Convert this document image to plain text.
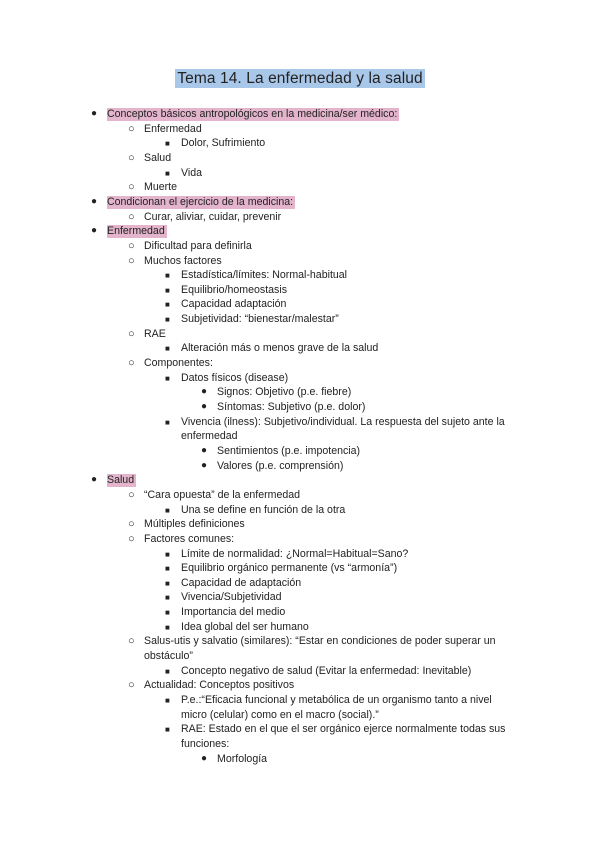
Tema 14. La enfermedad y la salud
● Conceptos básicos antropológicos en la medicina/ser médico:
○ Enfermedad
■ Dolor, Sufrimiento
○ Salud
■ Vida
○ Muerte
● Condicionan el ejercicio de la medicina:
○ Curar, aliviar, cuidar, prevenir
● Enfermedad
○ Dificultad para definirla
○ Muchos factores
■ Estadística/límites: Normal-habitual
■ Equilibrio/homeostasis
■ Capacidad adaptación
■ Subjetividad: “bienestar/malestar”
○ RAE
■ Alteración más o menos grave de la salud
○ Componentes:
■ Datos físicos (disease)
● Signos: Objetivo (p.e. fiebre)
● Síntomas: Subjetivo (p.e. dolor)
■ Vivencia (ilness): Subjetivo/individual. La respuesta del sujeto ante la
enfermedad
● Sentimientos (p.e. impotencia)
● Valores (p.e. comprensión)
● Salud
○ “Cara opuesta” de la enfermedad
■ Una se define en función de la otra
○ Múltiples definiciones
○ Factores comunes:
■ Límite de normalidad: ¿Normal=Habitual=Sano?
■ Equilibrio orgánico permanente (vs “armonía”)
■ Capacidad de adaptación
■ Vivencia/Subjetividad
■ Importancia del medio
■ Idea global del ser humano
○ Salus-utis y salvatio (similares): “Estar en condiciones de poder superar un
obstáculo”
■ Concepto negativo de salud (Evitar la enfermedad: Inevitable)
○ Actualidad: Conceptos positivos
■ P.e.:“Eficacia funcional y metabólica de un organismo tanto a nivel
micro (celular) como en el macro (social).”
■ RAE: Estado en el que el ser orgánico ejerce normalmente todas sus
funciones:
● Morfología
